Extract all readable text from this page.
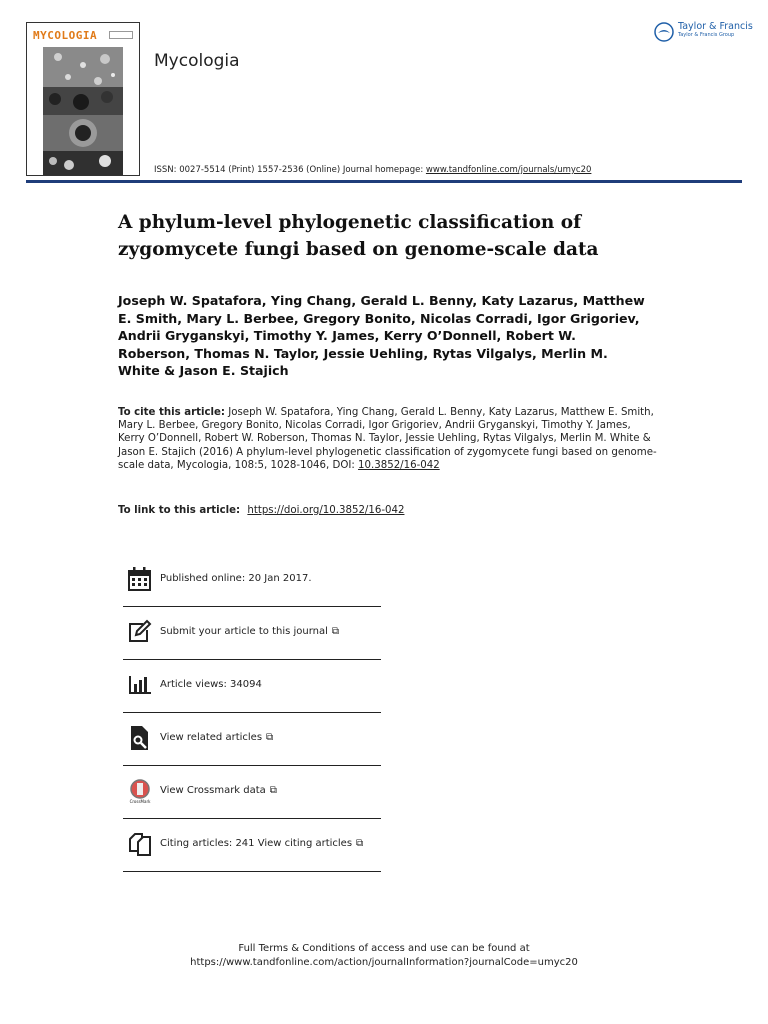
MYCOLOGIA
Mycologia
ISSN: 0027-5514 (Print) 1557-2536 (Online) Journal homepage: www.tandfonline.com/journals/umyc20
Taylor & Francis
Taylor & Francis Group
A phylum-level phylogenetic classification of zygomycete fungi based on genome-scale data
Joseph W. Spatafora, Ying Chang, Gerald L. Benny, Katy Lazarus, Matthew E. Smith, Mary L. Berbee, Gregory Bonito, Nicolas Corradi, Igor Grigoriev, Andrii Gryganskyi, Timothy Y. James, Kerry O’Donnell, Robert W. Roberson, Thomas N. Taylor, Jessie Uehling, Rytas Vilgalys, Merlin M. White & Jason E. Stajich
To cite this article: Joseph W. Spatafora, Ying Chang, Gerald L. Benny, Katy Lazarus, Matthew E. Smith, Mary L. Berbee, Gregory Bonito, Nicolas Corradi, Igor Grigoriev, Andrii Gryganskyi, Timothy Y. James, Kerry O’Donnell, Robert W. Roberson, Thomas N. Taylor, Jessie Uehling, Rytas Vilgalys, Merlin M. White & Jason E. Stajich (2016) A phylum-level phylogenetic classification of zygomycete fungi based on genome-scale data, Mycologia, 108:5, 1028-1046, DOI: 10.3852/16-042
To link to this article: https://doi.org/10.3852/16-042
Published online: 20 Jan 2017.
Submit your article to this journal ⧉
Article views: 34094
View related articles ⧉
CrossMark
View Crossmark data ⧉
Citing articles: 241 View citing articles ⧉
Full Terms & Conditions of access and use can be found at
https://www.tandfonline.com/action/journalInformation?journalCode=umyc20
